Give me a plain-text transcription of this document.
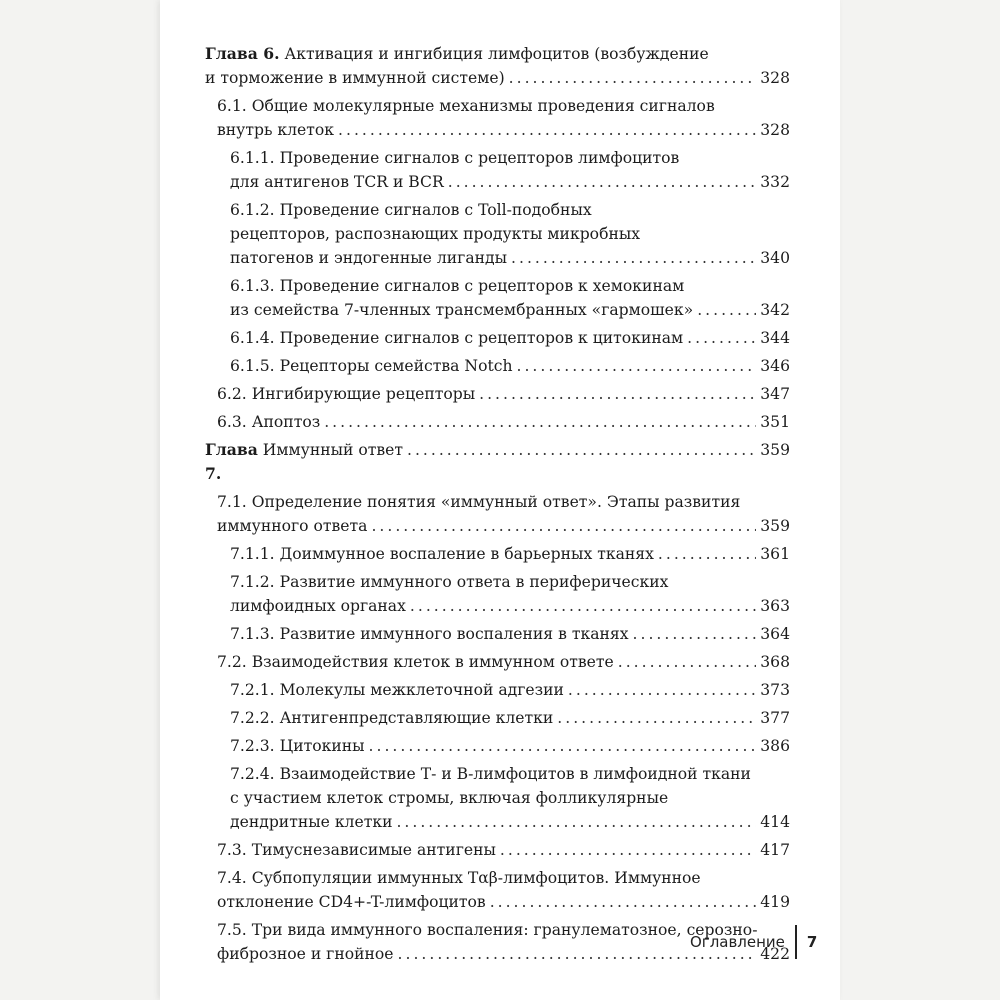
Глава 6.
Активация и ингибиция лимфоцитов (возбуждение
и торможение в иммунной системе) .....	328
6.1. Общие молекулярные механизмы проведения сигналов
внутрь клеток .....	328
6.1.1. Проведение сигналов с рецепторов лимфоцитов
для антигенов TCR и BCR .....	332
6.1.2. Проведение сигналов с Toll-подобных
рецепторов, распознающих продукты микробных
патогенов и эндогенные лиганды .....	340
6.1.3. Проведение сигналов с рецепторов к хемокинам
из семейства 7-членных трансмембранных «гармошек» .....	342
6.1.4. Проведение сигналов с рецепторов к цитокинам .....	344
6.1.5. Рецепторы семейства Notch .....	346
6.2. Ингибирующие рецепторы .....	347
6.3. Апоптоз .....	351
Глава 7.

Иммунный ответ .....	359
7.1. Определение понятия «иммунный ответ». Этапы развития
иммунного ответа .....	359
7.1.1. Доиммунное воспаление в барьерных тканях .....	361
7.1.2. Развитие иммунного ответа в периферических
лимфоидных органах .....	363
7.1.3. Развитие иммунного воспаления в тканях .....	364
7.2. Взаимодействия клеток в иммунном ответе .....	368
7.2.1. Молекулы межклеточной адгезии .....	373
7.2.2. Антигенпредставляющие клетки .....	377
7.2.3. Цитокины .....	386
7.2.4. Взаимодействие Т- и В-лимфоцитов в лимфоидной ткани
с участием клеток стромы, включая фолликулярные
дендритные клетки .....	414
7.3. Тимуснезависимые антигены .....	417
7.4. Субпопуляции иммунных Tαβ-лимфоцитов. Иммунное
отклонение CD4+-T-лимфоцитов .....	419
7.5. Три вида иммунного воспаления: гранулематозное, серозно-
фиброзное и гнойное .....	422
Оглавление 7
